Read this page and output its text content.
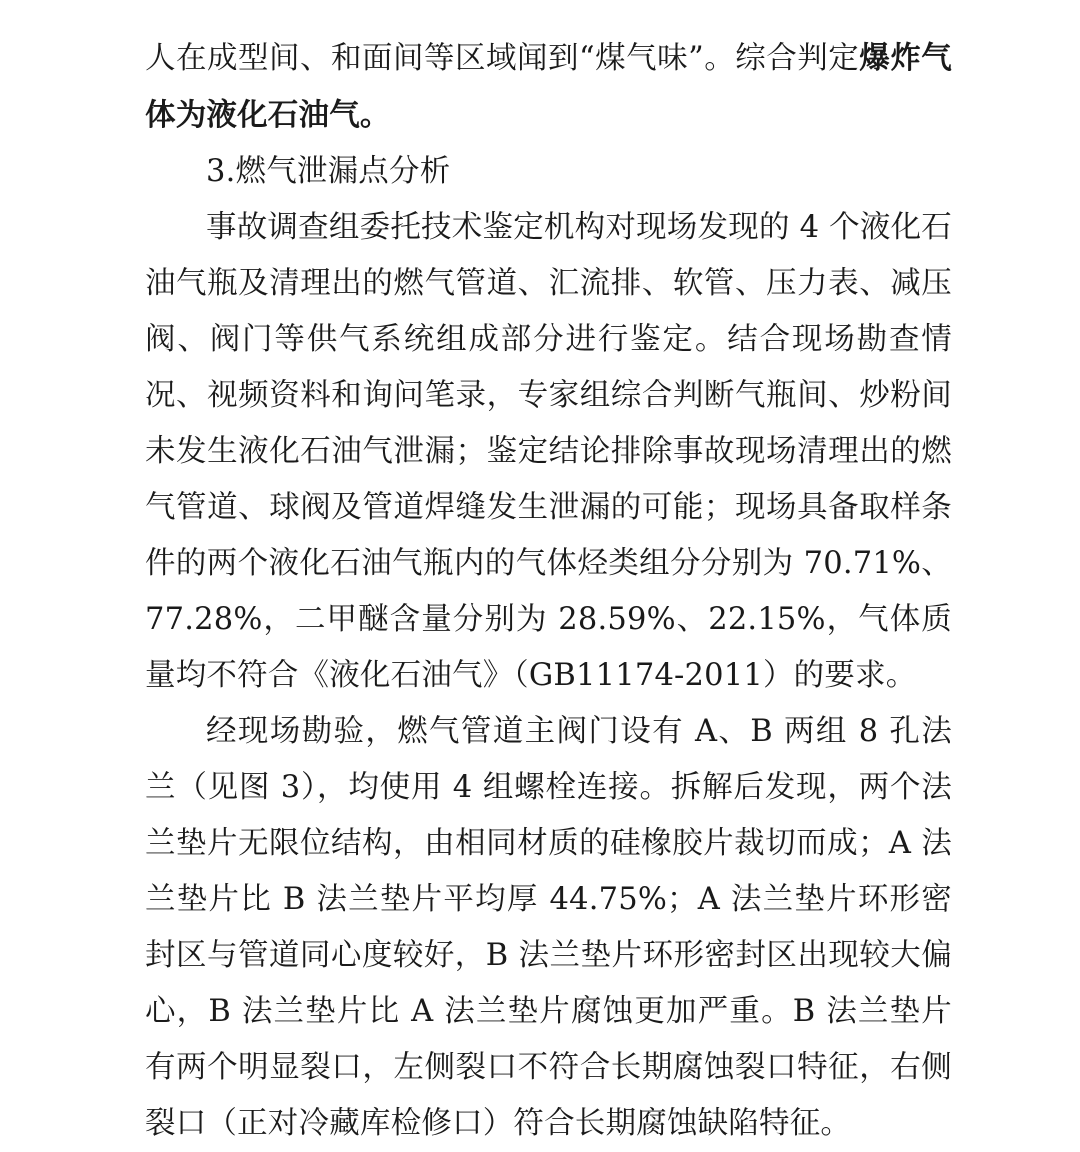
人在成型间、和面间等区域闻到“煤气味”。综合判定爆炸气体为液化石油气。

3.燃气泄漏点分析

事故调查组委托技术鉴定机构对现场发现的 4 个液化石油气瓶及清理出的燃气管道、汇流排、软管、压力表、减压阀、阀门等供气系统组成部分进行鉴定。结合现场勘查情况、视频资料和询问笔录，专家组综合判断气瓶间、炒粉间未发生液化石油气泄漏；鉴定结论排除事故现场清理出的燃气管道、球阀及管道焊缝发生泄漏的可能；现场具备取样条件的两个液化石油气瓶内的气体烃类组分分别为 70.71%、77.28%，二甲醚含量分别为 28.59%、22.15%，气体质量均不符合《液化石油气》（GB11174-2011）的要求。

经现场勘验，燃气管道主阀门设有 A、B 两组 8 孔法兰（见图 3），均使用 4 组螺栓连接。拆解后发现，两个法兰垫片无限位结构，由相同材质的硅橡胶片裁切而成；A 法兰垫片比 B 法兰垫片平均厚 44.75%；A 法兰垫片环形密封区与管道同心度较好，B 法兰垫片环形密封区出现较大偏心，B 法兰垫片比 A 法兰垫片腐蚀更加严重。B 法兰垫片有两个明显裂口，左侧裂口不符合长期腐蚀裂口特征，右侧裂口（正对冷藏库检修口）符合长期腐蚀缺陷特征。
